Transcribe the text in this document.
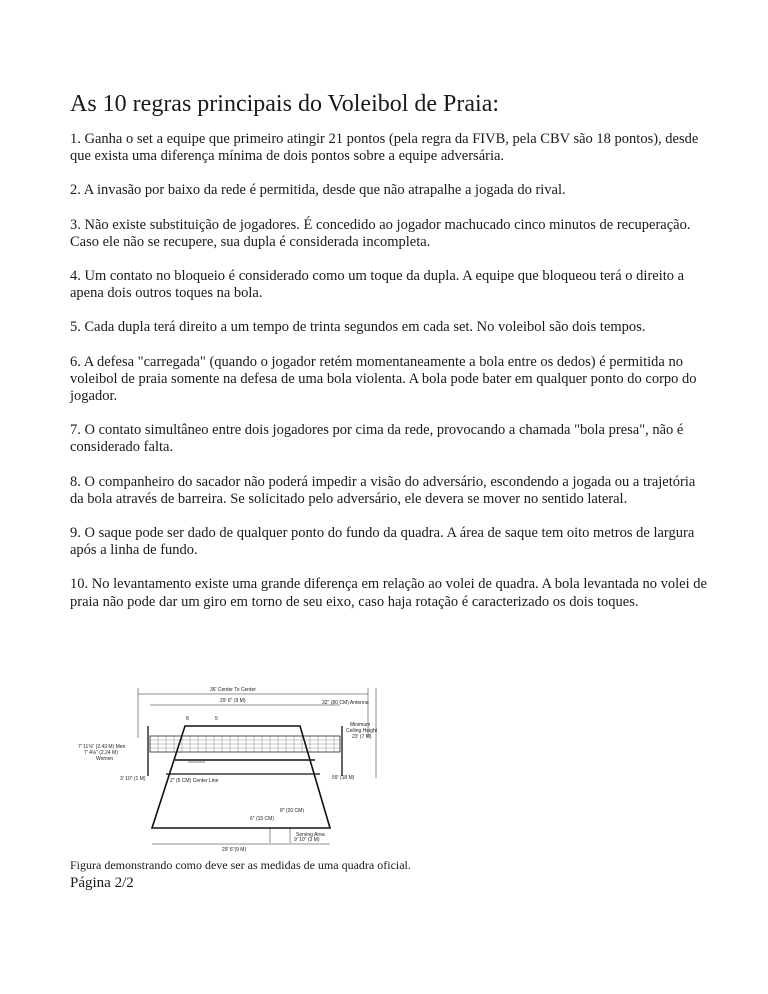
As 10 regras principais do Voleibol de Praia:
1. Ganha o set a equipe que primeiro atingir 21 pontos (pela regra da FIVB, pela CBV são 18 pontos), desde que exista uma diferença mínima de dois pontos sobre a equipe adversária.
2. A invasão por baixo da rede é permitida, desde que não atrapalhe a jogada do rival.
3. Não existe substituição de jogadores. É concedido ao jogador machucado cinco minutos de recuperação. Caso ele não se recupere, sua dupla é considerada incompleta.
4. Um contato no bloqueio é considerado como um toque da dupla. A equipe que bloqueou terá o direito a apena dois outros toques na bola.
5. Cada dupla terá direito a um tempo de trinta segundos em cada set. No voleibol são dois tempos.
6. A defesa "carregada" (quando o jogador retém momentaneamente a bola entre os dedos) é permitida no voleibol de praia somente na defesa de uma bola violenta. A bola pode bater em qualquer ponto do corpo do jogador.
7. O contato simultâneo entre dois jogadores por cima da rede, provocando a chamada "bola presa", não é considerado falta.
8. O companheiro do sacador não poderá impedir a visão do adversário, escondendo a jogada ou a trajetória da bola através de barreira. Se solicitado pelo adversário, ele devera se mover no sentido lateral.
9. O saque pode ser dado de qualquer ponto do fundo da quadra. A área de saque tem oito metros de largura após a linha de fundo.
10. No levantamento existe uma grande diferença em relação ao volei de quadra. A bola levantada no volei de praia não pode dar um giro em torno de seu eixo, caso haja rotação é caracterizado os dois toques.
36' Center To Center
29' 6" (9 M)	32" (80 CM) Antenna
8	5
Minimum
Ceiling Height
23' (7 M)
7' 11⅝" (2.43 M) Men
7' 4⅛" (2.24 M)
Women
3' 10" (1 M)	2" (5 CM) Center Line	59' (18 M)
8" (20 CM)
6" (15 CM)
Serving Area
9' 10" (3 M)
29' 6"(9 M)

Figura demonstrando como deve ser as medidas de uma quadra oficial.

Página 2/2
